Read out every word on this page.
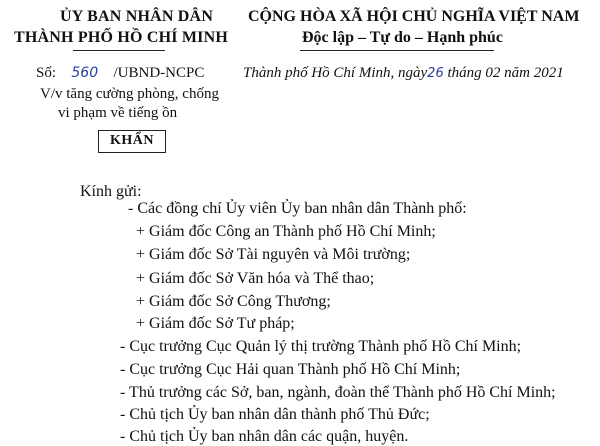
ỦY BAN NHÂN DÂN
THÀNH PHỐ HỒ CHÍ MINH
CỘNG HÒA XÃ HỘI CHỦ NGHĨA VIỆT NAM
Độc lập – Tự do – Hạnh phúc
Số: 560 /UBND-NCPC	Thành phố Hồ Chí Minh, ngày26 tháng 02 năm 2021
V/v tăng cường phòng, chống
vi phạm về tiếng ồn
KHẨN
Kính gửi:
- Các đồng chí Ủy viên Ủy ban nhân dân Thành phố:
+ Giám đốc Công an Thành phố Hồ Chí Minh;
+ Giám đốc Sở Tài nguyên và Môi trường;
+ Giám đốc Sở Văn hóa và Thể thao;
+ Giám đốc Sở Công Thương;
+ Giám đốc Sở Tư pháp;
- Cục trưởng Cục Quản lý thị trường Thành phố Hồ Chí Minh;
- Cục trưởng Cục Hải quan Thành phố Hồ Chí Minh;
- Thủ trưởng các Sở, ban, ngành, đoàn thể Thành phố Hồ Chí Minh;
- Chủ tịch Ủy ban nhân dân thành phố Thủ Đức;
- Chủ tịch Ủy ban nhân dân các quận, huyện.
